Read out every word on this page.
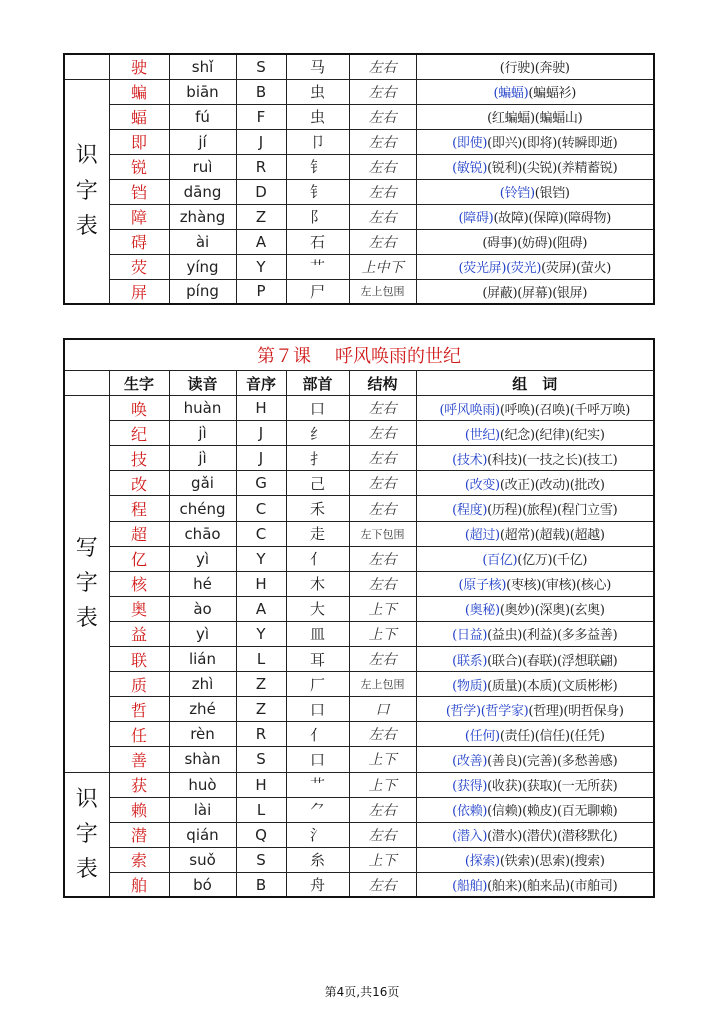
	驶	shǐ	S	马	左右	(行驶)(奔驶)
识字表	蝙	biān	B	虫	左右	(蝙蝠)(蝙蝠衫)
	蝠	fú	F	虫	左右	(红蝙蝠)(蝙蝠山)
	即	jí	J	卩	左右	(即使)(即兴)(即将)(转瞬即逝)
	锐	ruì	R	钅	左右	(敏锐)(锐利)(尖锐)(养精蓄锐)
	铛	dāng	D	钅	左右	(铃铛)(银铛)
	障	zhàng	Z	阝	左右	(障碍)(故障)(保障)(障碍物)
	碍	ài	A	石	左右	(碍事)(妨碍)(阻碍)
	荧	yíng	Y	艹	上中下	(荧光屏)(荧光)(荧屏)(萤火)
	屏	píng	P	尸	左上包围	(屏蔽)(屏幕)(银屏)
第７课 呼风唤雨的世纪						
	生字	读音	音序	部首	结构	组　词
写字表	唤	huàn	H	口	左右	(呼风唤雨)(呼唤)(召唤)(千呼万唤)
	纪	jì	J	纟	左右	(世纪)(纪念)(纪律)(纪实)
	技	jì	J	扌	左右	(技术)(科技)(一技之长)(技工)
	改	gǎi	G	己	左右	(改变)(改正)(改动)(批改)
	程	chéng	C	禾	左右	(程度)(历程)(旅程)(程门立雪)
	超	chāo	C	走	左下包围	(超过)(超常)(超载)(超越)
	亿	yì	Y	亻	左右	(百亿)(亿万)(千亿)
	核	hé	H	木	左右	(原子核)(枣核)(审核)(核心)
	奥	ào	A	大	上下	(奥秘)(奥妙)(深奥)(玄奥)
	益	yì	Y	皿	上下	(日益)(益虫)(利益)(多多益善)
	联	lián	L	耳	左右	(联系)(联合)(春联)(浮想联翩)
	质	zhì	Z	厂	左上包围	(物质)(质量)(本质)(文质彬彬)
	哲	zhé	Z	口	口	(哲学)(哲学家)(哲理)(明哲保身)
	任	rèn	R	亻	左右	(任何)(责任)(信任)(任凭)
	善	shàn	S	口	上下	(改善)(善良)(完善)(多愁善感)
识字表	获	huò	H	艹	上下	(获得)(收获)(获取)(一无所获)
	赖	lài	L	⺈	左右	(依赖)(信赖)(赖皮)(百无聊赖)
	潜	qián	Q	氵	左右	(潜入)(潜水)(潜伏)(潜移默化)
	索	suǒ	S	糸	上下	(探索)(铁索)(思索)(搜索)
	舶	bó	B	舟	左右	(船舶)(舶来)(舶来品)(市舶司)
第4页,共16页
